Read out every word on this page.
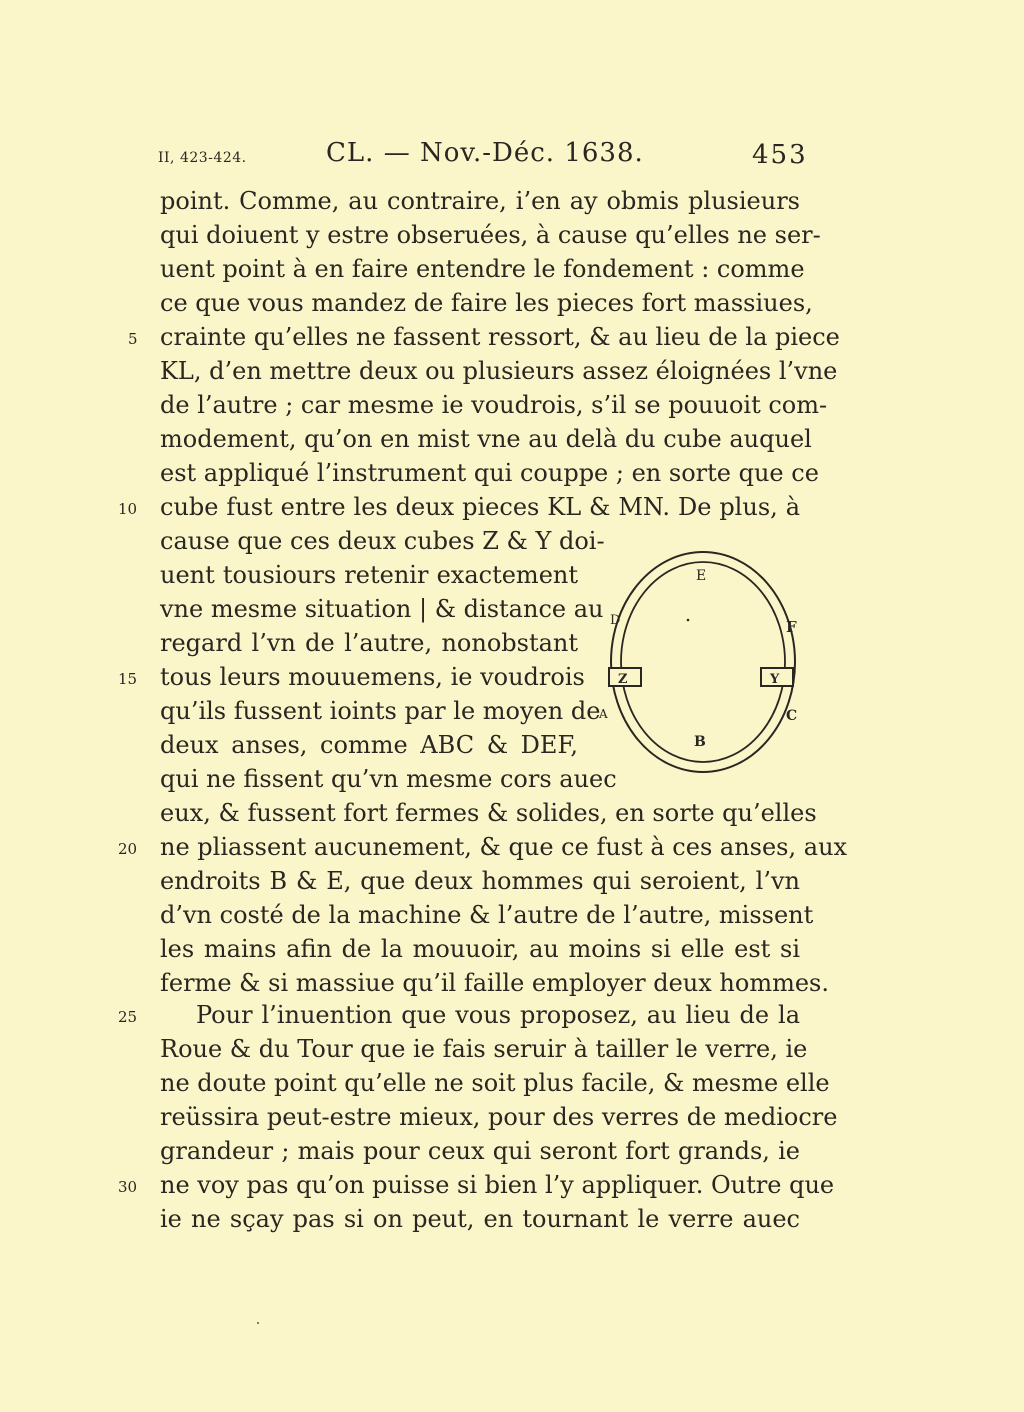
II, 423-424.	CL. — Nov.-Déc. 1638.	453
point. Comme, au contraire, i’en ay obmis plusieurs
qui doiuent y estre obseruées, à cause qu’elles ne ser-
uent point à en faire entendre le fondement : comme
ce que vous mandez de faire les pieces fort massiues,
crainte qu’elles ne fassent ressort, & au lieu de la piece
KL, d’en mettre deux ou plusieurs assez éloignées l’vne
de l’autre ; car mesme ie voudrois, s’il se pouuoit com-
modement, qu’on en mist vne au delà du cube auquel
est appliqué l’instrument qui couppe ; en sorte que ce
cube fust entre les deux pieces KL & MN. De plus, à
cause que ces deux cubes Z & Y doi-
uent tousiours retenir exactement
vne mesme situation | & distance au
regard l’vn de l’autre, nonobstant
tous leurs mouuemens, ie voudrois
qu’ils fussent ioints par le moyen de
deux anses, comme ABC & DEF,
qui ne fissent qu’vn mesme cors auec
eux, & fussent fort fermes & solides, en sorte qu’elles
ne pliassent aucunement, & que ce fust à ces anses, aux
endroits B & E, que deux hommes qui seroient, l’vn
d’vn costé de la machine & l’autre de l’autre, missent
les mains afin de la mouuoir, au moins si elle est si
ferme & si massiue qu’il faille employer deux hommes.
Pour l’inuention que vous proposez, au lieu de la
Roue & du Tour que ie fais seruir à tailler le verre, ie
ne doute point qu’elle ne soit plus facile, & mesme elle
reüssira peut-estre mieux, pour des verres de mediocre
grandeur ; mais pour ceux qui seront fort grands, ie
ne voy pas qu’on puisse si bien l’y appliquer. Outre que
ie ne sçay pas si on peut, en tournant le verre auec
5
10
15
20
25
30
E
D	F
Z	Y
A	C
B
